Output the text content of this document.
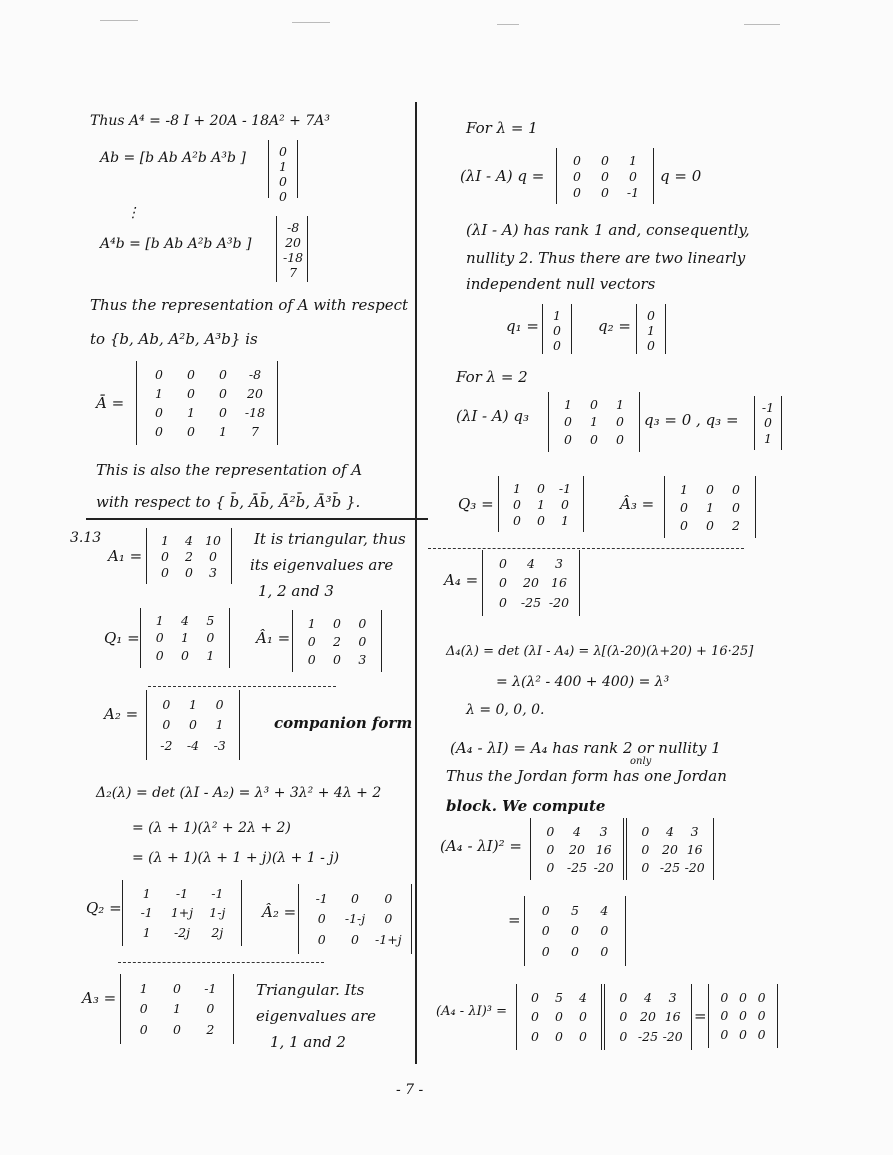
Thus A⁴ = -8 I + 20A - 18A² + 7A³
Ab = [b Ab A²b A³b ]	0
1
0
0
⋮
A⁴b = [b Ab A²b A³b ]
-8
20
-18
7
Thus the representation of A with respect
to {b, Ab, A²b, A³b} is
Ā =
0 0 0 -8
1 0 0 20
0 1 0 -18
0 0 1 7
This is also the representation of A
with respect to { b̄, Āb̄, Ā²b̄, Ā³b̄ }.
3.13
A₁ =
1 4 10
0 2 0
0 0 3
It is triangular, thus
its eigenvalues are
1, 2 and 3
Q₁ =
1 4 5
0 1 0
0 0 1
Â₁ =
1 0 0
0 2 0
0 0 3
A₂ =
0 1 0
0 0 1
-2 -4 -3
companion form
Δ₂(λ) = det (λI - A₂) = λ³ + 3λ² + 4λ + 2
= (λ + 1)(λ² + 2λ + 2)
= (λ + 1)(λ + 1 + j)(λ + 1 - j)
Q₂ =
1 -1 -1
-1 1+j 1-j
1 -2j 2j
Â₂ =
-1 0 0
0 -1-j 0
0 0 -1+j
A₃ =
1 0 -1
0 1 0
0 0 2
Triangular. Its
eigenvalues are
1, 1 and 2
For λ = 1
(λI - A) q =
0 0 1
0 0 0
0 0 -1
q = 0
(λI - A) has rank 1 and, consequently,
nullity 2. Thus there are two linearly
independent null vectors
q₁ =
1
0
0
q₂ =
0
1
0
For λ = 2
(λI - A) q₃
1 0 1
0 1 0
0 0 0
q₃ = 0 , q₃ =
-1
0
1
Q₃ =
1 0 -1
0 1 0
0 0 1
Â₃ =
1 0 0
0 1 0
0 0 2
A₄ =
0 4 3
0 20 16
0 -25 -20
Δ₄(λ) = det (λI - A₄) = λ[(λ-20)(λ+20) + 16·25]
= λ(λ² - 400 + 400) = λ³
λ = 0, 0, 0.
(A₄ - λI) = A₄ has rank 2 or nullity 1
only
Thus the Jordan form has one Jordan
block. We compute
(A₄ - λI)² =
0 4 3
0 20 16
0 -25 -20
0 4 3
0 20 16
0 -25 -20
=
0 5 4
0 0 0
0 0 0
(A₄ - λI)³ =
0 5 4
0 0 0
0 0 0
0 4 3
0 20 16
0 -25 -20
=
0 0 0
0 0 0
0 0 0
- 7 -
